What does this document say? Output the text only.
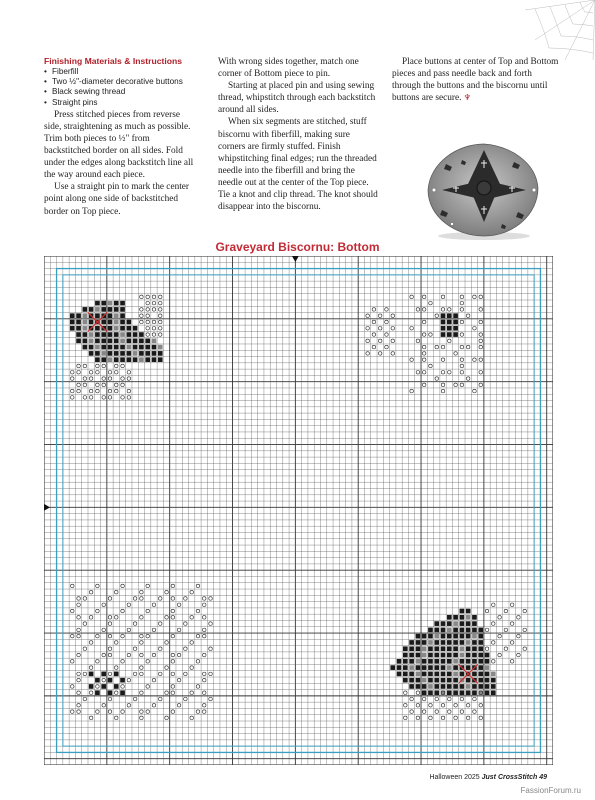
Finishing Materials & Instructions
• Fiberfill
• Two ½"-diameter decorative buttons
• Black sewing thread
• Straight pins

Press stitched pieces from reverse side, straightening as much as possible. Trim both pieces to ½" from backstitched border on all sides. Fold under the edges along backstitch line all the way around each piece.

Use a straight pin to mark the center point along one side of backstitched border on Top piece.

With wrong sides together, match one corner of Bottom piece to pin.

Starting at placed pin and using sewing thread, whipstitch through each backstitch around all sides.

When six segments are stitched, stuff biscornu with fiberfill, making sure corners are firmly stuffed. Finish whipstitching final edges; run the threaded needle into the fiberfill and bring the needle out at the center of the Top piece. Tie a knot and clip thread. The knot should disappear into the biscornu.

Place buttons at center of Top and Bottom pieces and pass needle back and forth through the buttons and the biscornu until buttons are secure. ♆

Graveyard Biscornu: Bottom
Halloween 2025 Just CrossStitch 49
FassionForum.ru
